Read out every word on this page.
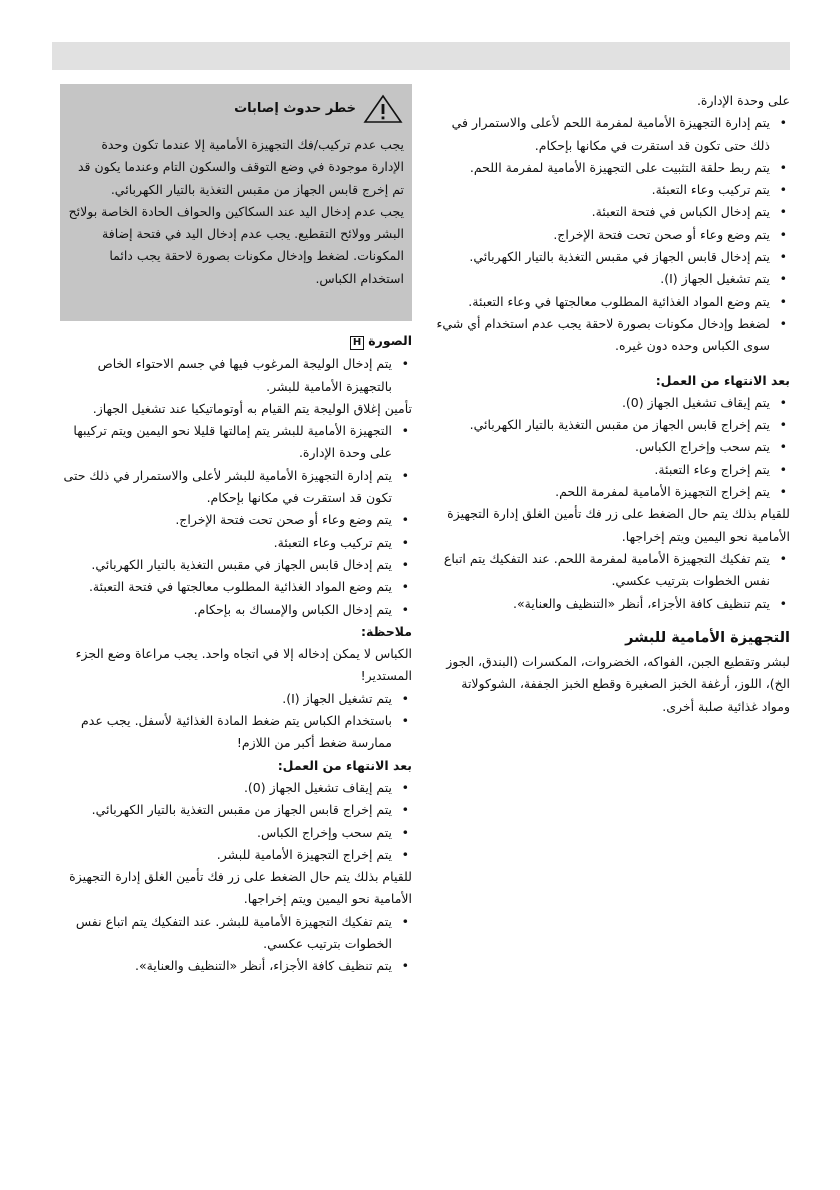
خطر حدوث إصابات

يجب عدم تركيب/فك التجهيزة الأمامية إلا عندما تكون وحدة الإدارة موجودة في وضع التوقف والسكون التام وعندما يكون قد تم إخرج قابس الجهاز من مقبس التغذية بالتيار الكهربائي.

يجب عدم إدخال اليد عند السكاكين والحواف الحادة الخاصة بولائح البشر وولائح التقطيع. يجب عدم إدخال اليد في فتحة إضافة المكونات. لضغط وإدخال مكونات بصورة لاحقة يجب دائما استخدام الكباس.

على وحدة الإدارة.

• يتم إدارة التجهيزة الأمامية لمفرمة اللحم لأعلى والاستمرار في ذلك حتى تكون قد استقرت في مكانها بإحكام.

• يتم ربط حلقة التثبيت على التجهيزة الأمامية لمفرمة اللحم.

• يتم تركيب وعاء التعبئة.

• يتم إدخال الكباس في فتحة التعبئة.

• يتم وضع وعاء أو صحن تحت فتحة الإخراج.

• يتم إدخال قابس الجهاز في مقبس التغذية بالتيار الكهربائي.

• يتم تشغيل الجهاز (I).

• يتم وضع المواد الغذائية المطلوب معالجتها في وعاء التعبئة.

• لضغط وإدخال مكونات بصورة لاحقة يجب عدم استخدام أي شيء سوى الكباس وحده دون غيره.

بعد الانتهاء من العمل:

• يتم إيقاف تشغيل الجهاز (0).

• يتم إخراج قابس الجهاز من مقبس التغذية بالتيار الكهربائي.

• يتم سحب وإخراج الكباس.

• يتم إخراج وعاء التعبئة.

• يتم إخراج التجهيزة الأمامية لمفرمة اللحم.

للقيام بذلك يتم حال الضغط على زر فك تأمين الغلق إدارة التجهيزة الأمامية نحو اليمين ويتم إخراجها.

• يتم تفكيك التجهيزة الأمامية لمفرمة اللحم. عند التفكيك يتم اتباع نفس الخطوات بترتيب عكسي.

• يتم تنظيف كافة الأجزاء، أنظر «التنظيف والعناية».

التجهيزة الأمامية للبشر

لبشر وتقطيع الجبن، الفواكه، الخضروات، المكسرات (البندق، الجوز الخ)، اللوز، أرغفة الخبز الصغيرة وقطع الخبز الجففة، الشوكولاتة ومواد غذائية صلبة أخرى.

الصورةH

• يتم إدخال الوليجة المرغوب فيها في جسم الاحتواء الخاص بالتجهيزة الأمامية للبشر.

تأمين إغلاق الوليجة يتم القيام به أوتوماتيكيا عند تشغيل الجهاز.

• التجهيزة الأمامية للبشر يتم إمالتها قليلا نحو اليمين ويتم تركيبها على وحدة الإدارة.

• يتم إدارة التجهيزة الأمامية للبشر لأعلى والاستمرار في ذلك حتى تكون قد استقرت في مكانها بإحكام.

• يتم وضع وعاء أو صحن تحت فتحة الإخراج.

• يتم تركيب وعاء التعبئة.

• يتم إدخال قابس الجهاز في مقبس التغذية بالتيار الكهربائي.

• يتم وضع المواد الغذائية المطلوب معالجتها في فتحة التعبئة.

• يتم إدخال الكباس والإمساك به بإحكام.

ملاحظة:

الكباس لا يمكن إدخاله إلا في اتجاه واحد. يجب مراعاة وضع الجزء المستدير!

• يتم تشغيل الجهاز (I).

• باستخدام الكباس يتم ضغط المادة الغذائية لأسفل. يجب عدم ممارسة ضغط أكبر من اللازم!

بعد الانتهاء من العمل:

• يتم إيقاف تشغيل الجهاز (0).

• يتم إخراج قابس الجهاز من مقبس التغذية بالتيار الكهربائي.

• يتم سحب وإخراج الكباس.

• يتم إخراج التجهيزة الأمامية للبشر.

للقيام بذلك يتم حال الضغط على زر فك تأمين الغلق إدارة التجهيزة الأمامية نحو اليمين ويتم إخراجها.

• يتم تفكيك التجهيزة الأمامية للبشر. عند التفكيك يتم اتباع نفس الخطوات بترتيب عكسي.

• يتم تنظيف كافة الأجزاء، أنظر «التنظيف والعناية».
